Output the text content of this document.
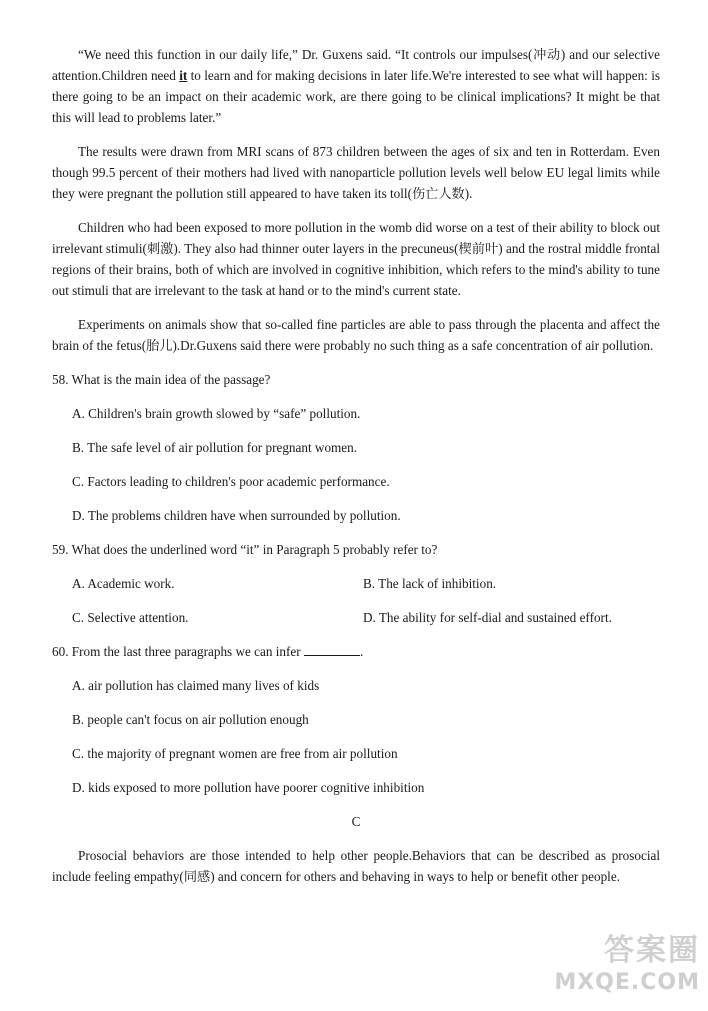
“We need this function in our daily life,” Dr. Guxens said. “It controls our impulses(冲动) and our selective attention.Children need it to learn and for making decisions in later life.We're interested to see what will happen: is there going to be an impact on their academic work, are there going to be clinical implications? It might be that this will lead to problems later.”

The results were drawn from MRI scans of 873 children between the ages of six and ten in Rotterdam. Even though 99.5 percent of their mothers had lived with nanoparticle pollution levels well below EU legal limits while they were pregnant the pollution still appeared to have taken its toll(伤亡人数).

Children who had been exposed to more pollution in the womb did worse on a test of their ability to block out irrelevant stimuli(刺激). They also had thinner outer layers in the precuneus(楔前叶) and the rostral middle frontal regions of their brains, both of which are involved in cognitive inhibition, which refers to the mind's ability to tune out stimuli that are irrelevant to the task at hand or to the mind's current state.

Experiments on animals show that so-called fine particles are able to pass through the placenta and affect the brain of the fetus(胎儿).Dr.Guxens said there were probably no such thing as a safe concentration of air pollution.

58. What is the main idea of the passage?

A. Children's brain growth slowed by “safe” pollution.

B. The safe level of air pollution for pregnant women.

C. Factors leading to children's poor academic performance.

D. The problems children have when surrounded by pollution.

59. What does the underlined word “it” in Paragraph 5 probably refer to?

A. Academic work.	B. The lack of inhibition.
C. Selective attention.	D. The ability for self-dial and sustained effort.

60. From the last three paragraphs we can infer	.

A. air pollution has claimed many lives of kids

B. people can't focus on air pollution enough

C. the majority of pregnant women are free from air pollution

D. kids exposed to more pollution have poorer cognitive inhibition

C

Prosocial behaviors are those intended to help other people.Behaviors that can be described as prosocial include feeling empathy(同感) and concern for others and behaving in ways to help or benefit other people.

答案圈
MXQE.COM
